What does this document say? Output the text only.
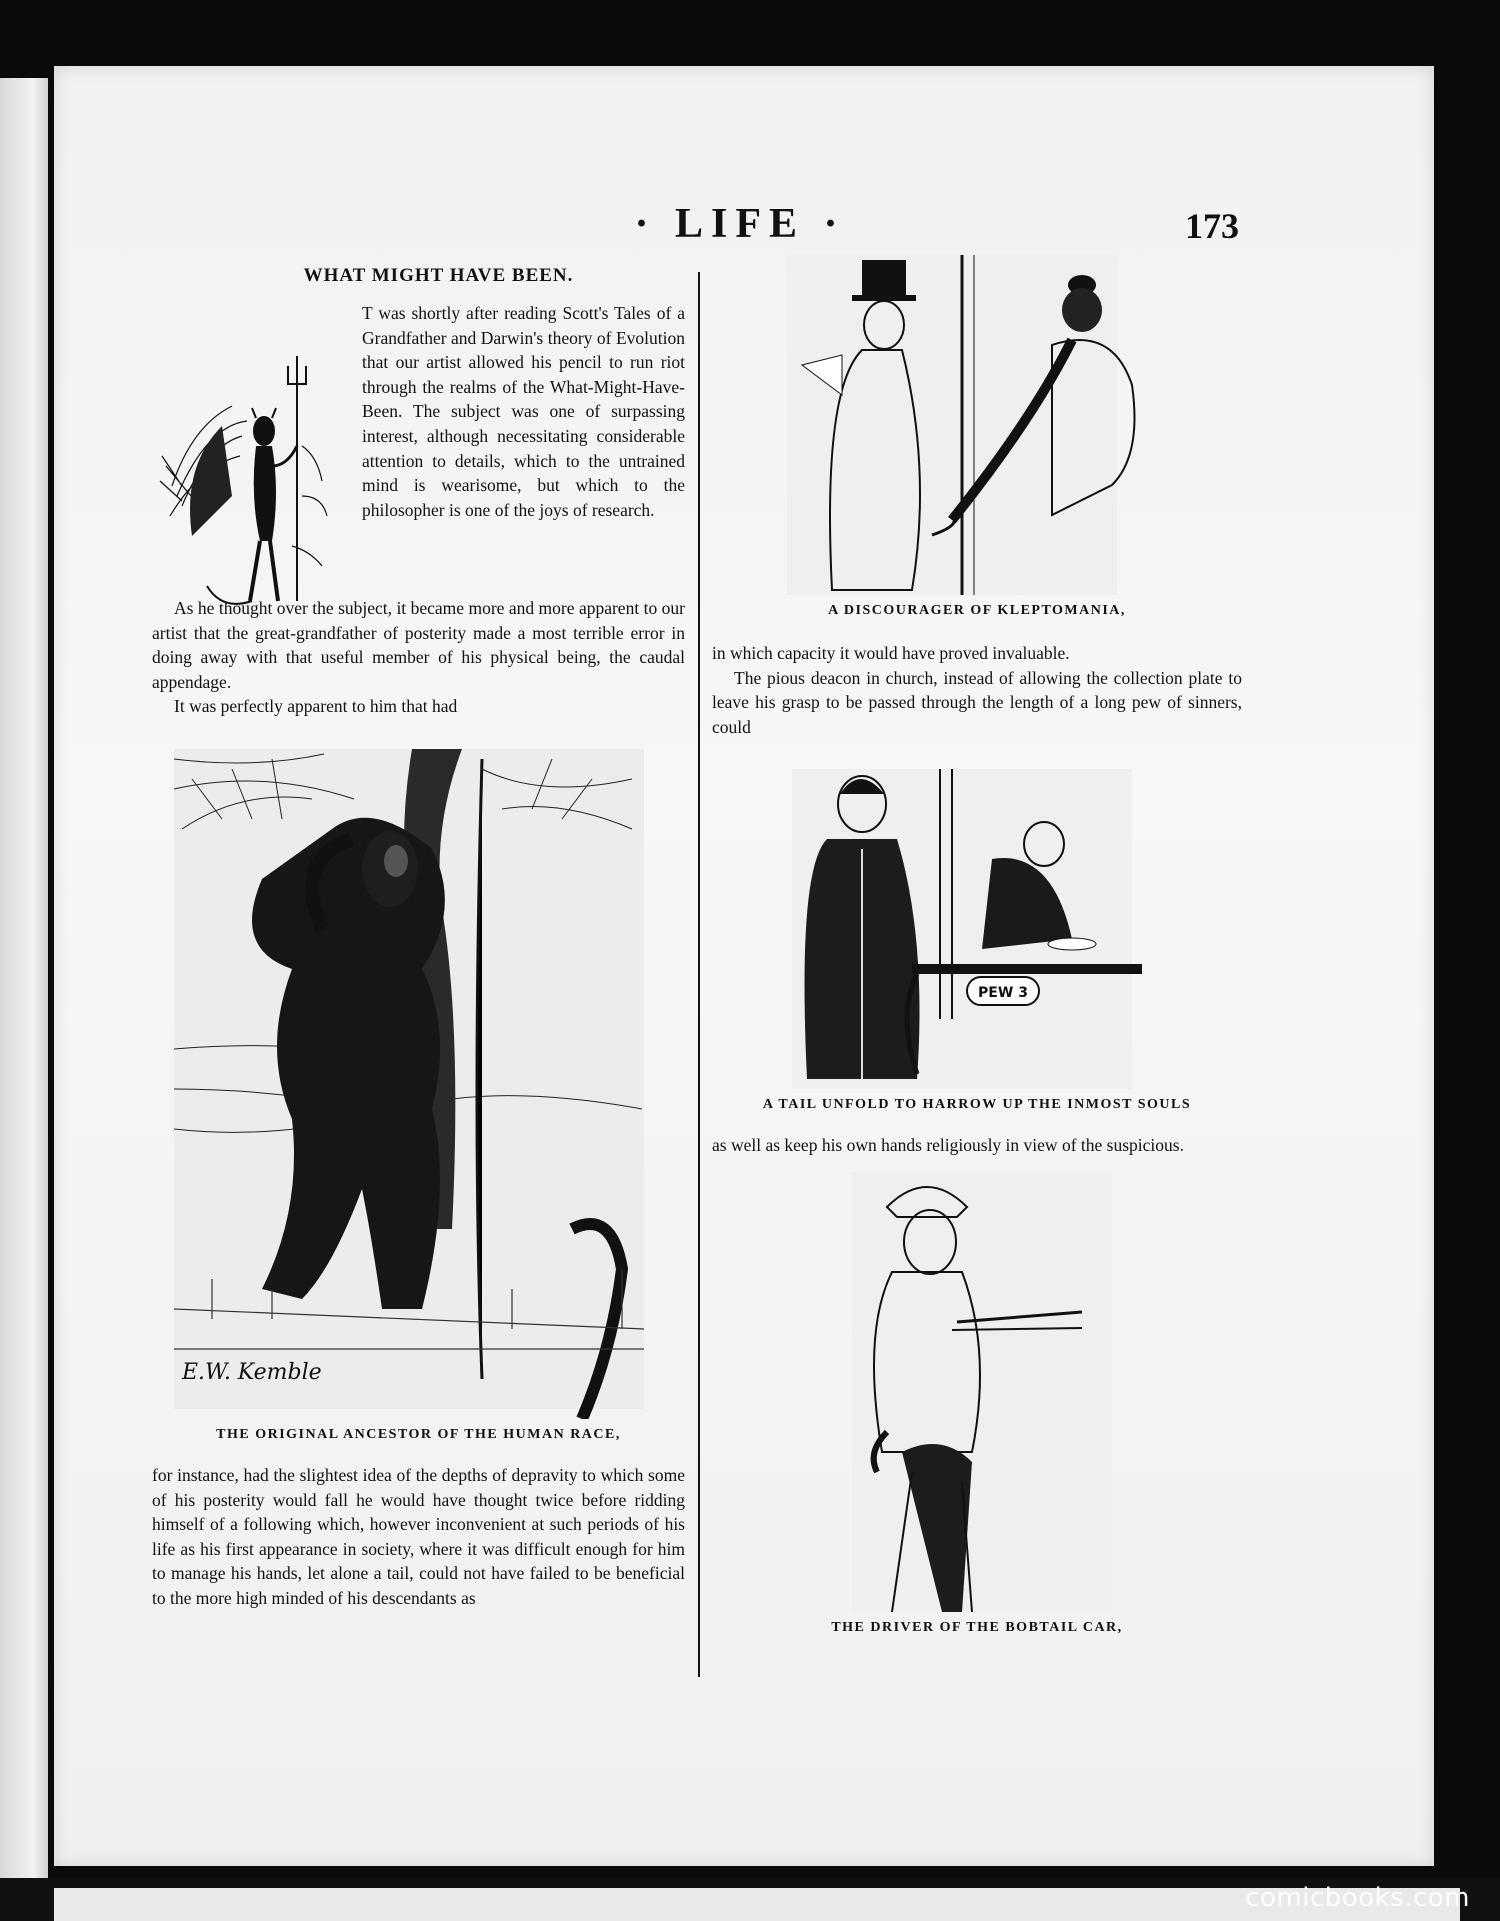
· LIFE ·	173
WHAT MIGHT HAVE BEEN.

T was shortly after reading Scott's Tales of a Grandfather and Darwin's theory of Evolution that our artist allowed his pencil to run riot through the realms of the What-Might-Have-Been. The subject was one of surpassing interest, although necessitating considerable attention to details, which to the untrained mind is wearisome, but which to the philosopher is one of the joys of research.

As he thought over the subject, it became more and more apparent to our artist that the great-grandfather of posterity made a most terrible error in doing away with that useful member of his physical being, the caudal appendage.

It was perfectly apparent to him that had

E.W. Kemble

THE ORIGINAL ANCESTOR OF THE HUMAN RACE,

for instance, had the slightest idea of the depths of depravity to which some of his posterity would fall he would have thought twice before ridding himself of a following which, however inconvenient at such periods of his life as his first appearance in society, where it was difficult enough for him to manage his hands, let alone a tail, could not have failed to be beneficial to the more high minded of his descendants as

A DISCOURAGER OF KLEPTOMANIA,

in which capacity it would have proved invaluable.

The pious deacon in church, instead of allowing the collection plate to leave his grasp to be passed through the length of a long pew of sinners, could

PEW 3

A TAIL UNFOLD TO HARROW UP THE INMOST SOULS

as well as keep his own hands religiously in view of the suspicious.

THE DRIVER OF THE BOBTAIL CAR,

comicbooks.com
